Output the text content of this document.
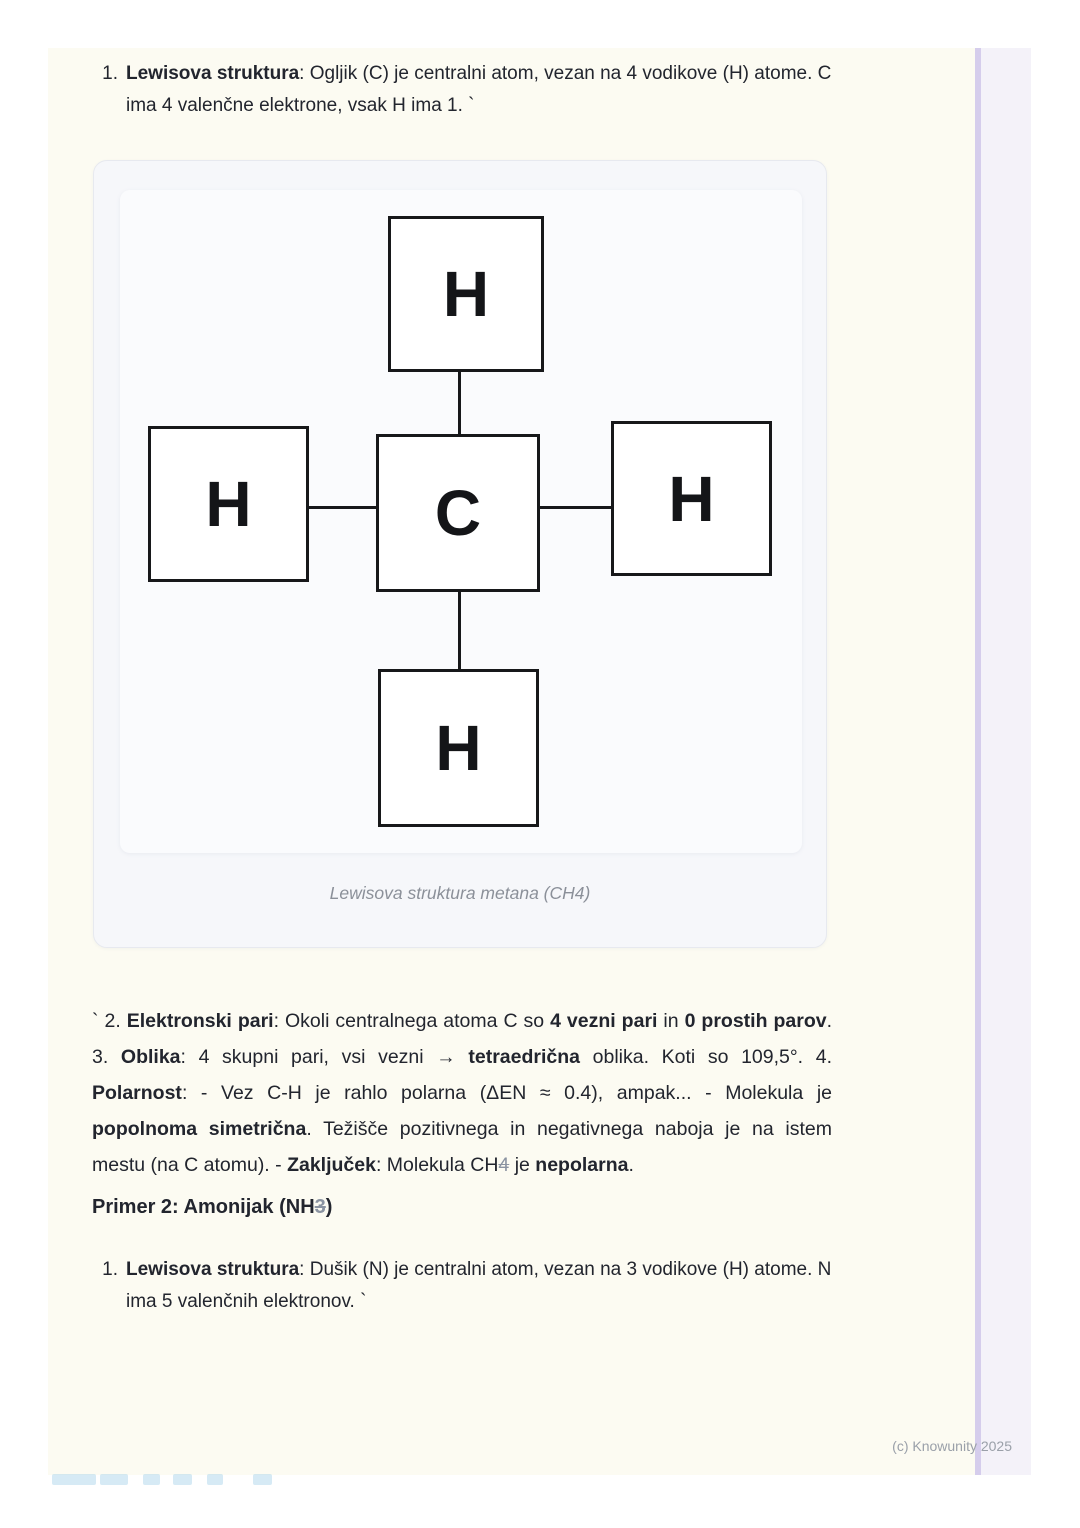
1. Lewisova struktura: Ogljik (C) je centralni atom, vezan na 4 vodikove (H) atome. C ima 4 valenčne elektrone, vsak H ima 1. `
H
H	C	H
H
Lewisova struktura metana (CH4)

` 2. Elektronski pari: Okoli centralnega atoma C so 4 vezni pari in 0 prostih parov. 3. Oblika: 4 skupni pari, vsi vezni → tetraedrična oblika. Koti so 109,5°. 4. Polarnost: - Vez C-H je rahlo polarna (ΔEN ≈ 0.4), ampak... - Molekula je popolnoma simetrična. Težišče pozitivnega in negativnega naboja je na istem mestu (na C atomu). - Zaključek: Molekula CH4 je nepolarna.

Primer 2: Amonijak (NH3)
1. Lewisova struktura: Dušik (N) je centralni atom, vezan na 3 vodikove (H) atome. N ima 5 valenčnih elektronov. `
(c) Knowunity 2025
